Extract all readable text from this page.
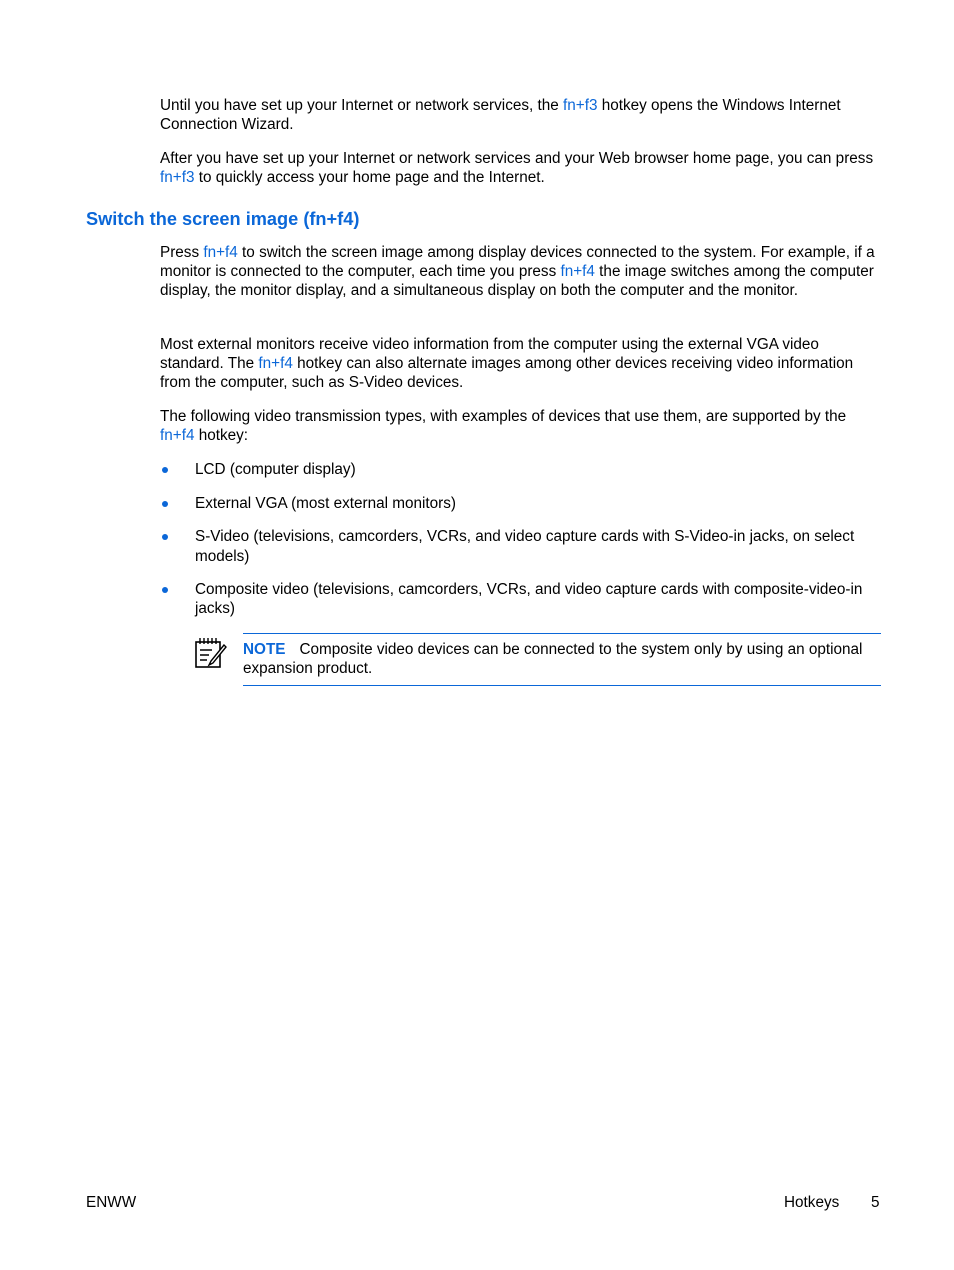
Until you have set up your Internet or network services, the fn+f3 hotkey opens the Windows Internet Connection Wizard.

After you have set up your Internet or network services and your Web browser home page, you can press fn+f3 to quickly access your home page and the Internet.

Switch the screen image (fn+f4)

Press fn+f4 to switch the screen image among display devices connected to the system. For example, if a monitor is connected to the computer, each time you press fn+f4 the image switches among the computer display, the monitor display, and a simultaneous display on both the computer and the monitor.

Most external monitors receive video information from the computer using the external VGA video standard. The fn+f4 hotkey can also alternate images among other devices receiving video information from the computer, such as S-Video devices.

The following video transmission types, with examples of devices that use them, are supported by the fn+f4 hotkey:

LCD (computer display)
External VGA (most external monitors)
S-Video (televisions, camcorders, VCRs, and video capture cards with S-Video-in jacks, on select models)
Composite video (televisions, camcorders, VCRs, and video capture cards with composite-video-in jacks)

NOTE Composite video devices can be connected to the system only by using an optional expansion product.

ENWW	Hotkeys 5
